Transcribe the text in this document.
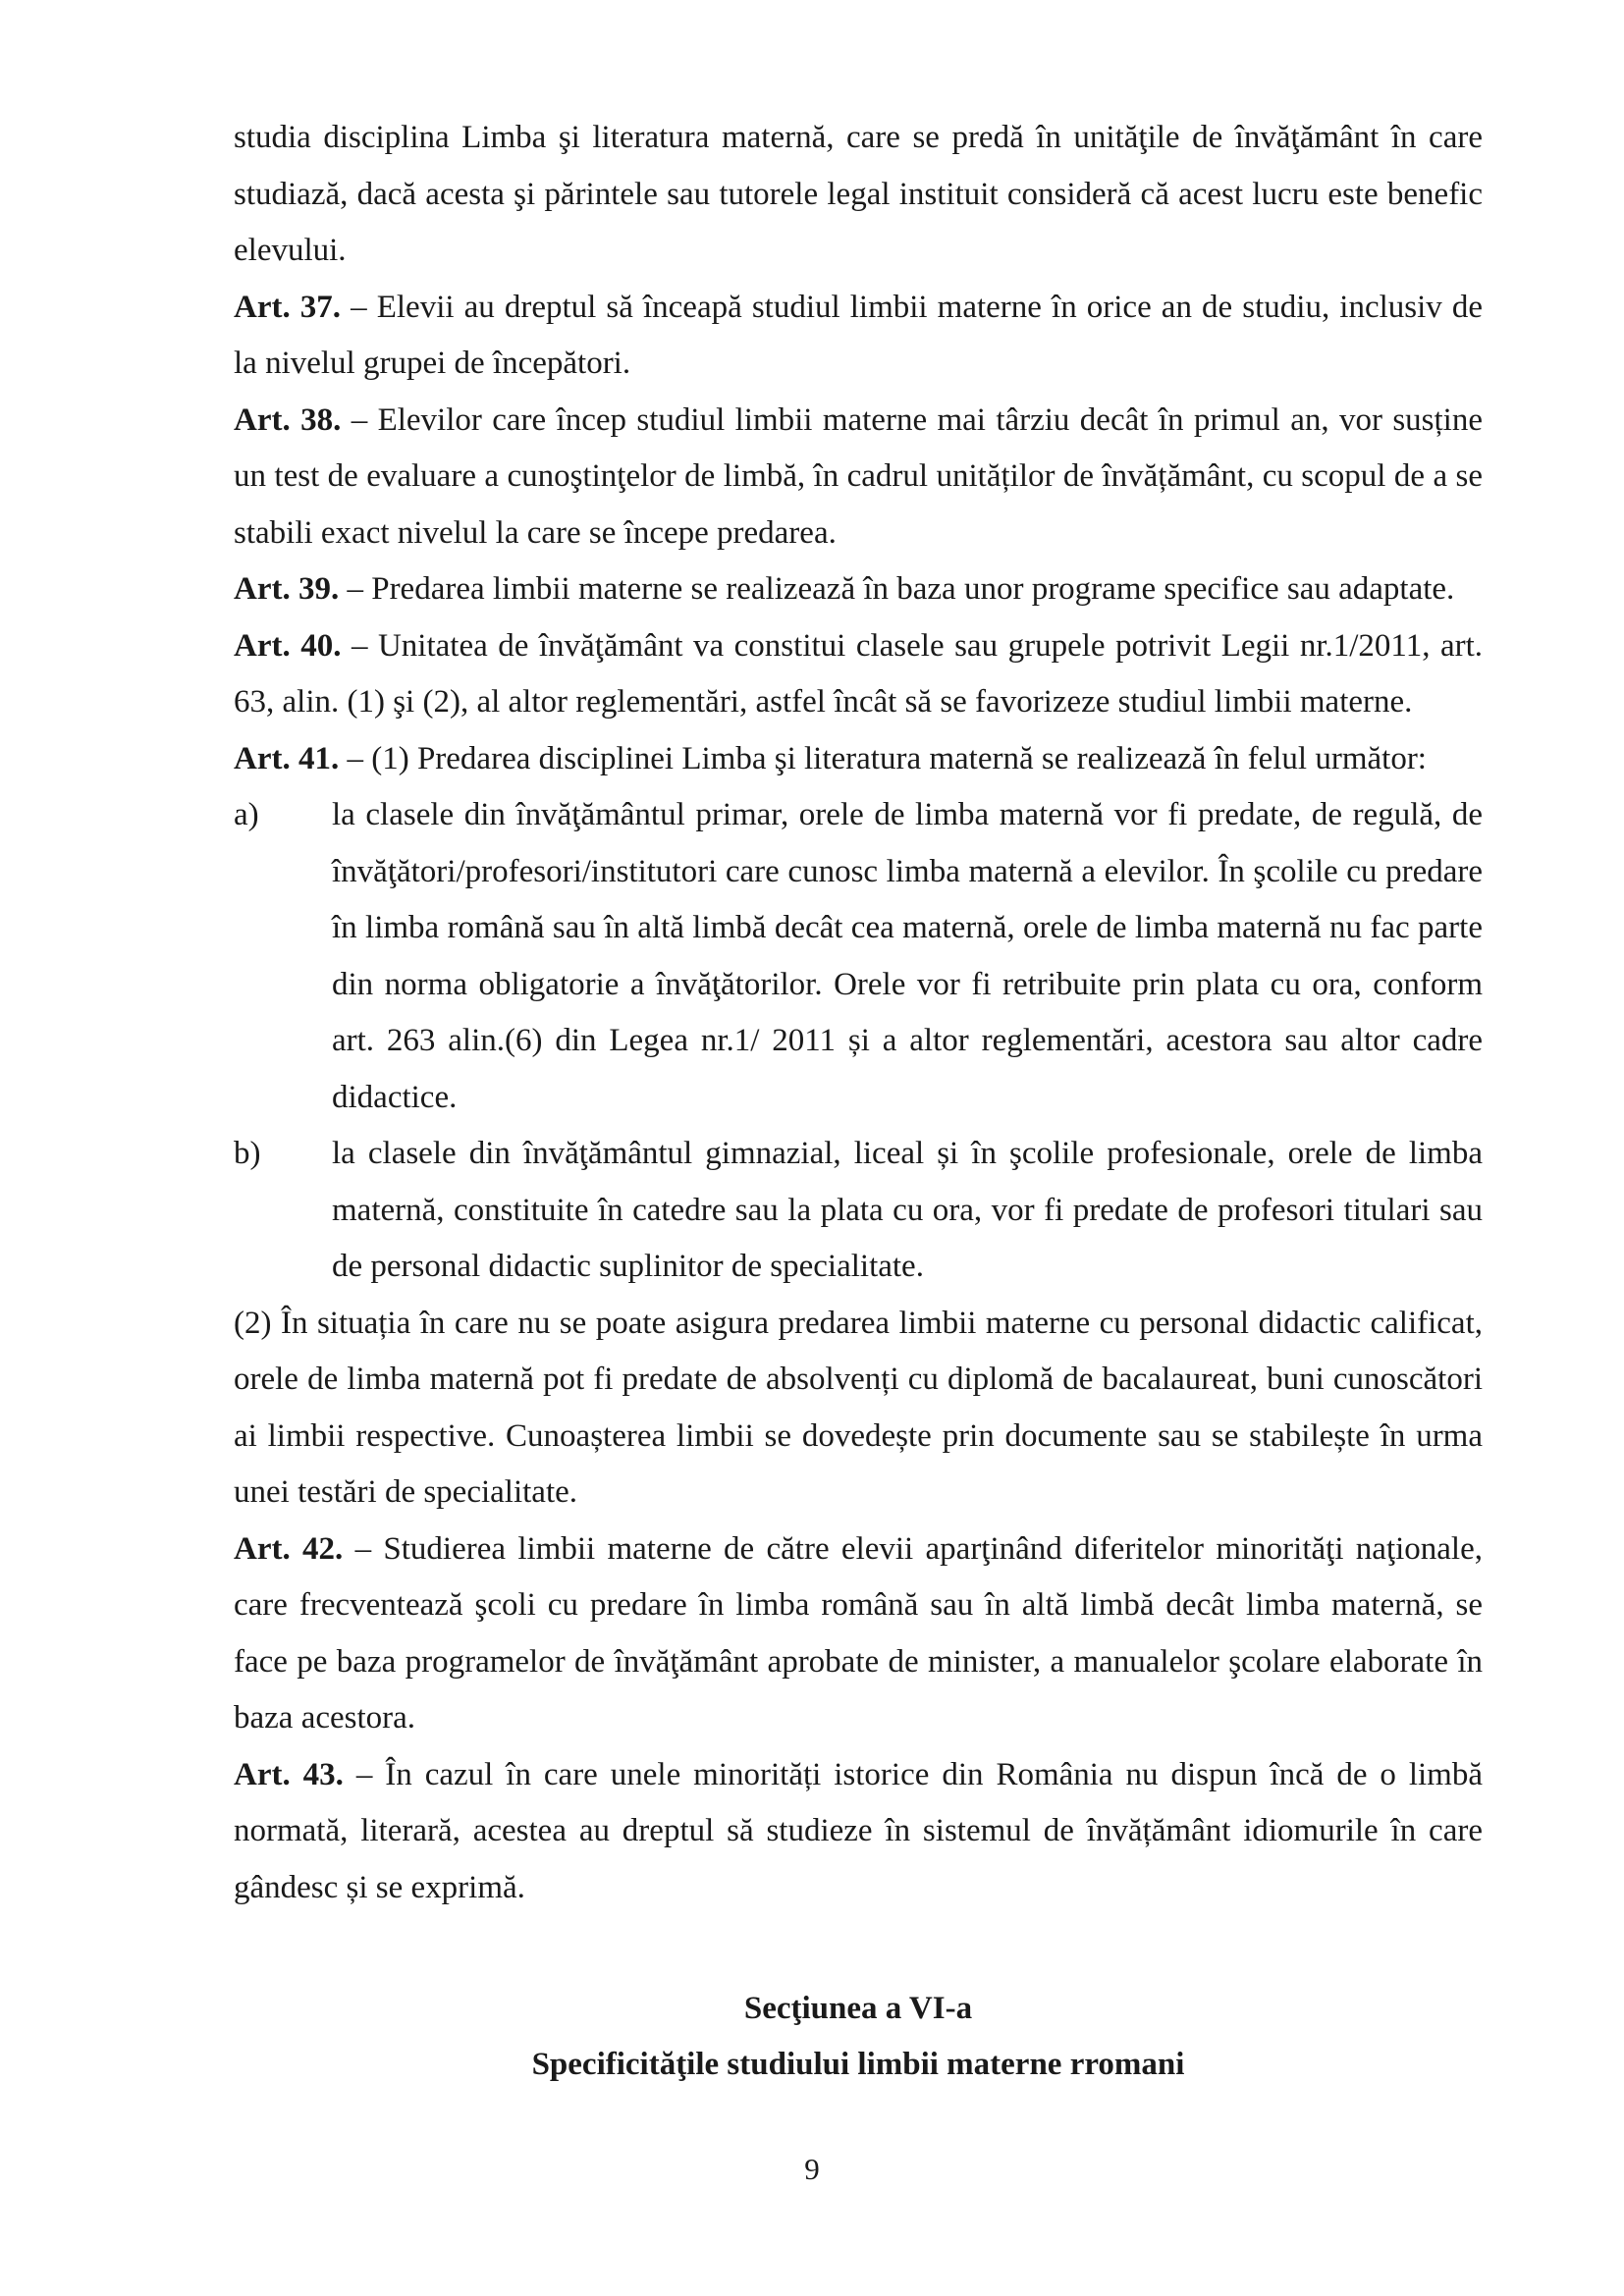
studia disciplina Limba şi literatura maternă, care se predă în unităţile de învăţământ în care studiază, dacă acesta şi părintele sau tutorele legal instituit consideră că acest lucru este benefic elevului.

Art. 37. – Elevii au dreptul să înceapă studiul limbii materne în orice an de studiu, inclusiv de la nivelul grupei de începători.

Art. 38. – Elevilor care încep studiul limbii materne mai târziu decât în primul an, vor susține un test de evaluare a cunoştinţelor de limbă, în cadrul unităților de învățământ, cu scopul de a se stabili exact nivelul la care se începe predarea.

Art. 39. – Predarea limbii materne se realizează în baza unor programe specifice sau adaptate.

Art. 40. – Unitatea de învăţământ va constitui clasele sau grupele potrivit Legii nr.1/2011, art. 63, alin. (1) şi (2), al altor reglementări, astfel încât să se favorizeze studiul limbii materne.

Art. 41. – (1) Predarea disciplinei Limba şi literatura maternă se realizează în felul următor:

a)	la clasele din învăţământul primar, orele de limba maternă vor fi predate, de regulă, de învăţători/profesori/institutori care cunosc limba maternă a elevilor. În şcolile cu predare în limba română sau în altă limbă decât cea maternă, orele de limba maternă nu fac parte din norma obligatorie a învăţătorilor. Orele vor fi retribuite prin plata cu ora, conform art. 263 alin.(6) din Legea nr.1/ 2011 și a altor reglementări, acestora sau altor cadre didactice.
b)	la clasele din învăţământul gimnazial, liceal și în şcolile profesionale, orele de limba maternă, constituite în catedre sau la plata cu ora, vor fi predate de profesori titulari sau de personal didactic suplinitor de specialitate.

(2) În situația în care nu se poate asigura predarea limbii materne cu personal didactic calificat, orele de limba maternă pot fi predate de absolvenți cu diplomă de bacalaureat, buni cunoscători ai limbii respective. Cunoașterea limbii se dovedește prin documente sau se stabilește în urma unei testări de specialitate.

Art. 42. – Studierea limbii materne de către elevii aparţinând diferitelor minorităţi naţionale, care frecventează şcoli cu predare în limba română sau în altă limbă decât limba maternă, se face pe baza programelor de învăţământ aprobate de minister, a manualelor şcolare elaborate în baza acestora.

Art. 43. – În cazul în care unele minorități istorice din România nu dispun încă de o limbă normată, literară, acestea au dreptul să studieze în sistemul de învățământ idiomurile în care gândesc și se exprimă.

Secţiunea a VI-a
Specificităţile studiului limbii materne rromani
9
